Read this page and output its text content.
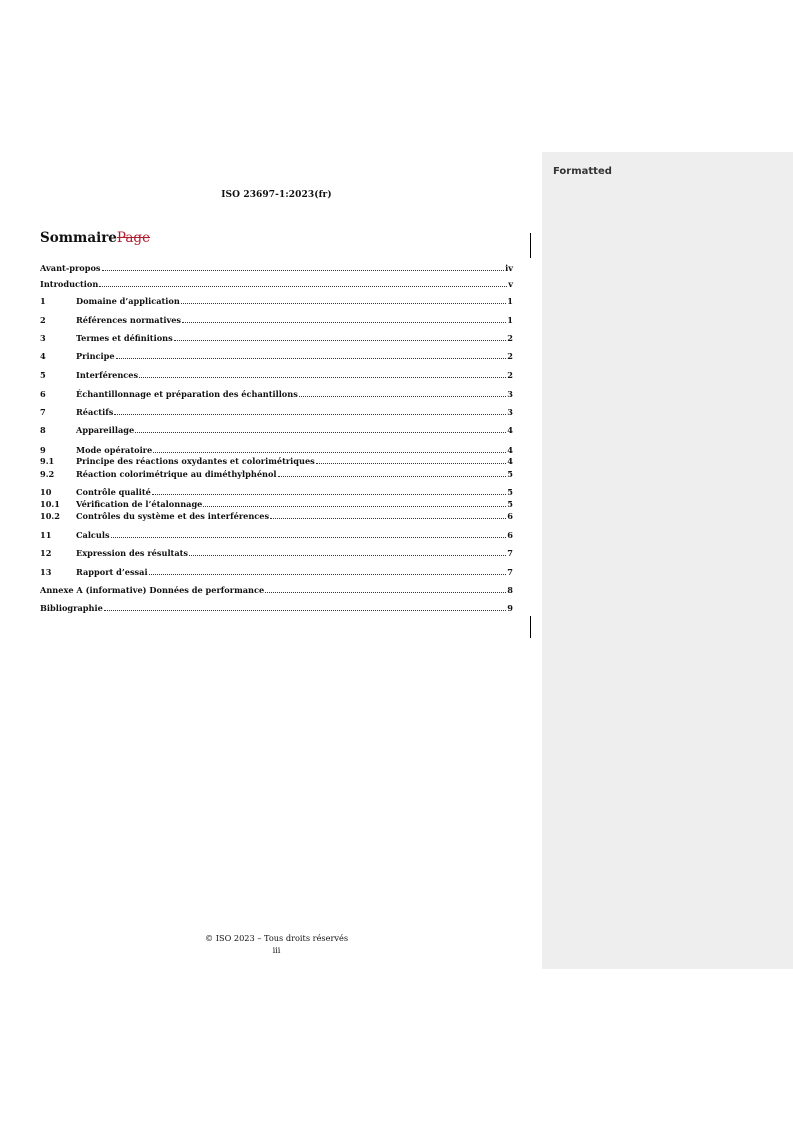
Formatted
ISO 23697-1:2023(fr)
SommairePage
Avant-propos	iv
Introduction	v
1	Domaine d’application	1
2	Références normatives	1
3	Termes et définitions	2
4	Principe	2
5	Interférences	2
6	Échantillonnage et préparation des échantillons	3
7	Réactifs	3
8	Appareillage	4
9	Mode opératoire	4
9.1	Principe des réactions oxydantes et colorimétriques	4
9.2	Réaction colorimétrique au diméthylphénol	5
10	Contrôle qualité	5
10.1	Vérification de l’étalonnage	5
10.2	Contrôles du système et des interférences	6
11	Calculs	6
12	Expression des résultats	7
13	Rapport d’essai	7
Annexe A (informative) Données de performance	8
Bibliographie	9
© ISO 2023 – Tous droits réservés
iii
